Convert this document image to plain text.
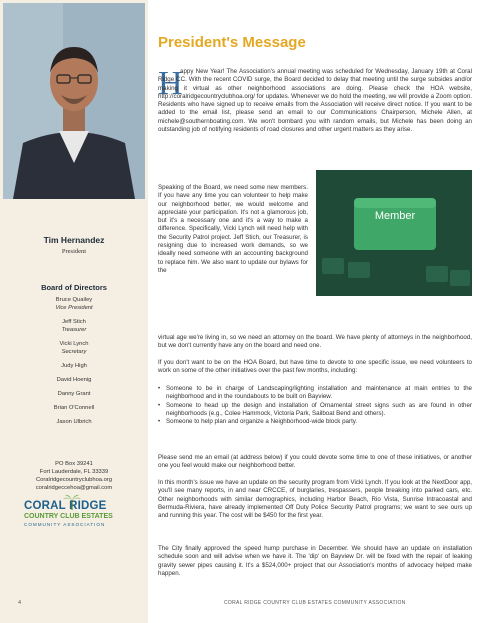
Tim Hernandez
President
Board of Directors
Bruce Quailey
Vice President
Jeff Stich
Treasurer
Vicki Lynch
Secretary
Judy High
David Hoenig
Danny Grant
Brian O'Connell
Jason Ulbrich
PO Box 39241
Fort Lauderdale, FL 33339
Coralridgecountryclubhoa.org
coralridgeccehoa@gmail.com
CORAL RIDGE
COUNTRY CLUB ESTATES
COMMUNITY ASSOCIATION
4
President's Message
H
appy New Year! The Association's annual meeting was scheduled for Wednesday, January 19th at Coral Ridge CC. With the recent COVID surge, the Board decided to delay that meeting until the surge subsides and/or making it virtual as other neighborhood associations are doing. Please check the HOA website, http://coralridgecountryclubhoa.org/ for updates. Whenever we do hold the meeting, we will provide a Zoom option. Residents who have signed up to receive emails from the Association will receive direct notice. If you want to be added to the email list, please send an email to our Communications Chairperson, Michele Allen, at michele@southernboating.com. We won't bombard you with random emails, but Michele has been doing an outstanding job of notifying residents of road closures and other urgent matters as they arise.
Speaking of the Board, we need some new members. If you have any time you can volunteer to help make our neighborhood better, we would welcome and appreciate your participation. It's not a glamorous job, but it's a necessary one and it's a way to make a difference. Specifically, Vicki Lynch will need help with the Security Patrol project. Jeff Stich, our Treasurer, is resigning due to increased work demands, so we ideally need someone with an accounting background to replace him. We also want to update our bylaws for the
Member
virtual age we're living in, so we need an attorney on the board. We have plenty of attorneys in the neighborhood, but we don't currently have any on the board and need one.
If you don't want to be on the HOA Board, but have time to devote to one specific issue, we need volunteers to work on some of the other initiatives over the past few months, including:
• Someone to be in charge of Landscaping/lighting installation and maintenance at main entries to the neighborhood and in the roundabouts to be built on Bayview.
• Someone to head up the design and installation of Ornamental street signs such as are found in other neighborhoods (e.g., Colee Hammock, Victoria Park, Sailboat Bend and others).
• Someone to help plan and organize a Neighborhood-wide block party.
Please send me an email (at address below) if you could devote some time to one of these initiatives, or another one you feel would make our neighborhood better.
In this month's issue we have an update on the security program from Vicki Lynch. If you look at the NextDoor app, you'll see many reports, in and near CRCCE, of burglaries, trespassers, people breaking into parked cars, etc. Other neighborhoods with similar demographics, including Harbor Beach, Rio Vista, Sunrise Intracoastal and Bermuda-Riviera, have already implemented Off Duty Police Security Patrol programs; we want to see ours up and running this year. The cost will be $450 for the first year.
The City finally approved the speed hump purchase in December. We should have an update on installation schedule soon and will advise when we have it. The 'dip' on Bayview Dr. will be fixed with the repair of leaking gravity sewer pipes causing it. It's a $524,000+ project that our Association's months of advocacy helped make happen.
CORAL RIDGE COUNTRY CLUB ESTATES COMMUNITY ASSOCIATION
